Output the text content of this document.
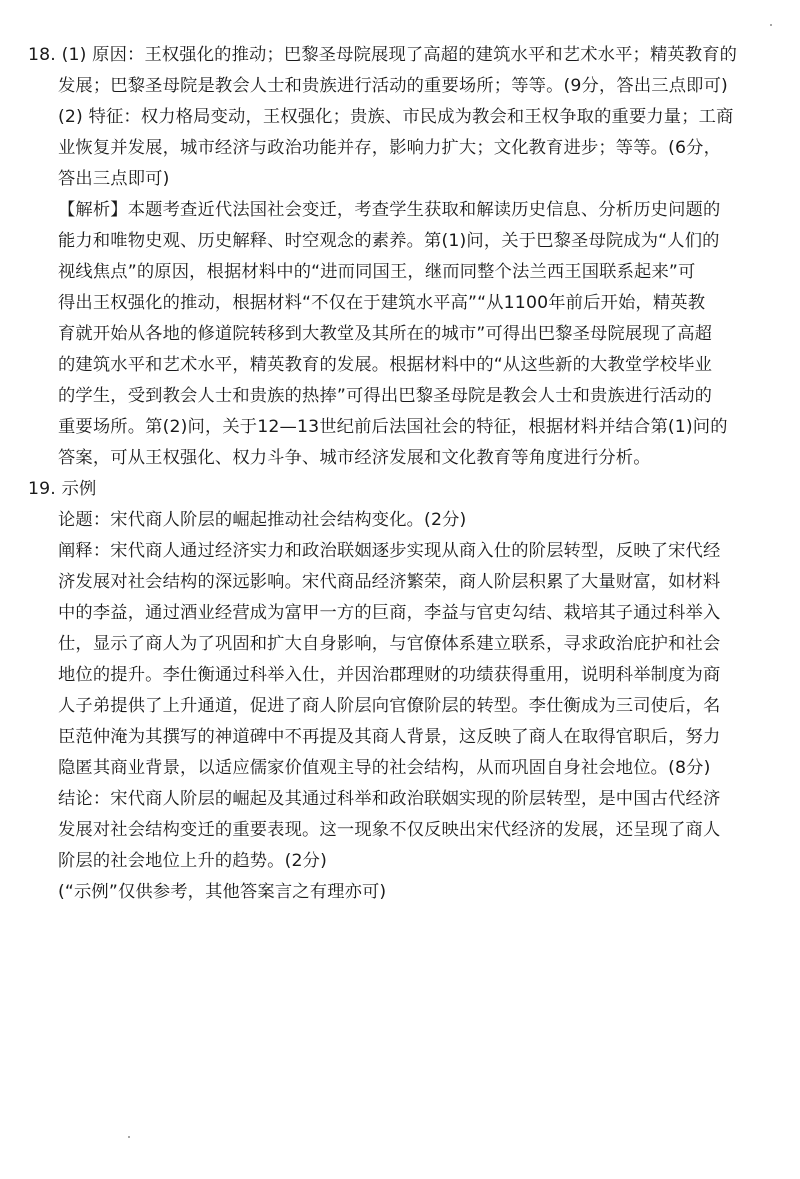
18. (1) 原因：王权强化的推动；巴黎圣母院展现了高超的建筑水平和艺术水平；精英教育的
发展；巴黎圣母院是教会人士和贵族进行活动的重要场所；等等。(9分，答出三点即可)
(2) 特征：权力格局变动，王权强化；贵族、市民成为教会和王权争取的重要力量；工商
业恢复并发展，城市经济与政治功能并存，影响力扩大；文化教育进步；等等。(6分，
答出三点即可)
【解析】本题考查近代法国社会变迁，考查学生获取和解读历史信息、分析历史问题的
能力和唯物史观、历史解释、时空观念的素养。第(1)问，关于巴黎圣母院成为“人们的
视线焦点”的原因，根据材料中的“进而同国王，继而同整个法兰西王国联系起来”可
得出王权强化的推动，根据材料“不仅在于建筑水平高”“从1100年前后开始，精英教
育就开始从各地的修道院转移到大教堂及其所在的城市”可得出巴黎圣母院展现了高超
的建筑水平和艺术水平，精英教育的发展。根据材料中的“从这些新的大教堂学校毕业
的学生，受到教会人士和贵族的热捧”可得出巴黎圣母院是教会人士和贵族进行活动的
重要场所。第(2)问，关于12—13世纪前后法国社会的特征，根据材料并结合第(1)问的
答案，可从王权强化、权力斗争、城市经济发展和文化教育等角度进行分析。
19. 示例
论题：宋代商人阶层的崛起推动社会结构变化。(2分)
阐释：宋代商人通过经济实力和政治联姻逐步实现从商入仕的阶层转型，反映了宋代经
济发展对社会结构的深远影响。宋代商品经济繁荣，商人阶层积累了大量财富，如材料
中的李益，通过酒业经营成为富甲一方的巨商，李益与官吏勾结、栽培其子通过科举入
仕，显示了商人为了巩固和扩大自身影响，与官僚体系建立联系，寻求政治庇护和社会
地位的提升。李仕衡通过科举入仕，并因治郡理财的功绩获得重用，说明科举制度为商
人子弟提供了上升通道，促进了商人阶层向官僚阶层的转型。李仕衡成为三司使后，名
臣范仲淹为其撰写的神道碑中不再提及其商人背景，这反映了商人在取得官职后，努力
隐匿其商业背景，以适应儒家价值观主导的社会结构，从而巩固自身社会地位。(8分)
结论：宋代商人阶层的崛起及其通过科举和政治联姻实现的阶层转型，是中国古代经济
发展对社会结构变迁的重要表现。这一现象不仅反映出宋代经济的发展，还呈现了商人
阶层的社会地位上升的趋势。(2分)
(“示例”仅供参考，其他答案言之有理亦可)
